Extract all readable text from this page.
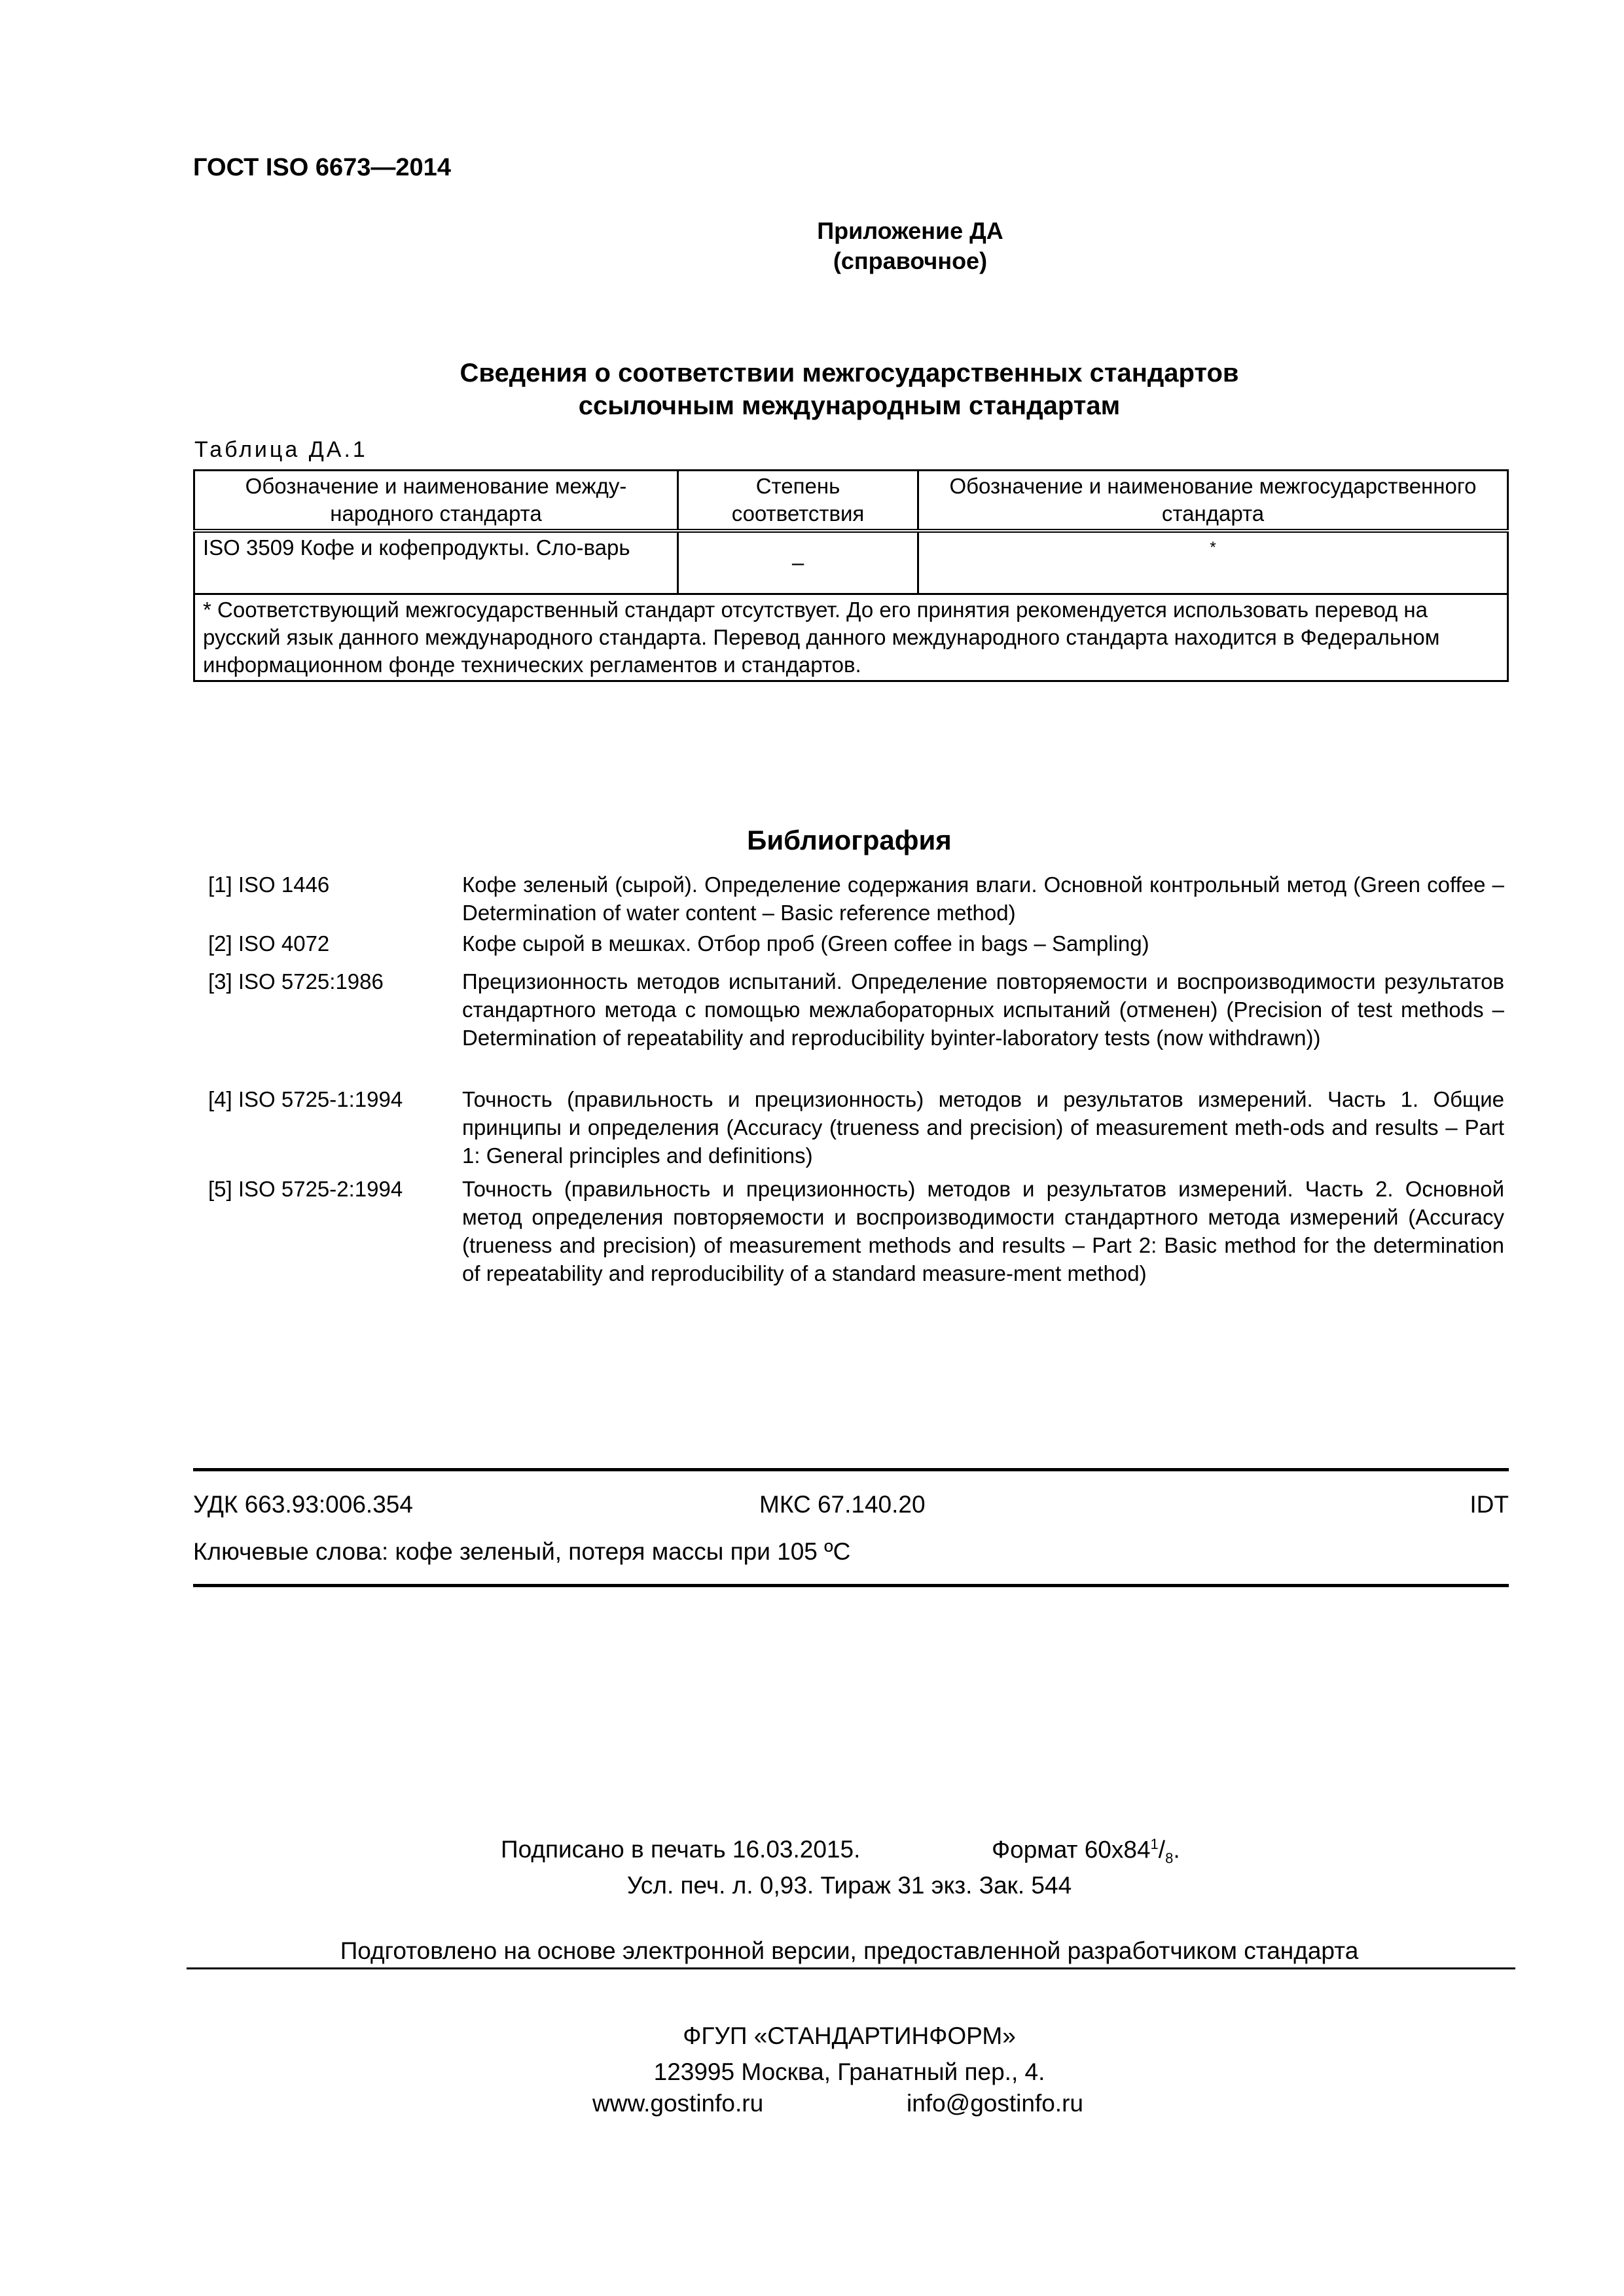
ГОСТ ISO 6673—2014
Приложение ДА
(справочное)
Сведения о соответствии межгосударственных стандартов
ссылочным международным стандартам
Таблица ДА.1
Обозначение и наименование между-народного стандарта	Степень соответствия	Обозначение и наименование межгосударственного стандарта
ISO 3509 Кофе и кофепродукты. Сло-варь	–	*
* Соответствующий межгосударственный стандарт отсутствует. До его принятия рекомендуется использовать перевод на русский язык данного международного стандарта. Перевод данного международного стандарта находится в Федеральном информационном фонде технических регламентов и стандартов.		
Библиография
[1] ISO 1446	Кофе зеленый (сырой). Определение содержания влаги. Основной контрольный метод (Green coffee – Determination of water content – Basic reference method)
[2] ISO 4072	Кофе сырой в мешках. Отбор проб (Green coffee in bags – Sampling)
[3] ISO 5725:1986	Прецизионность методов испытаний. Определение повторяемости и воспроизводимости результатов стандартного метода с помощью межлабораторных испытаний (отменен) (Precision of test methods – Determination of repeatability and reproducibility byinter-laboratory tests (now withdrawn))
[4] ISO 5725-1:1994	Точность (правильность и прецизионность) методов и результатов измерений. Часть 1. Общие принципы и определения (Accuracy (trueness and precision) of measurement meth-ods and results – Part 1: General principles and definitions)
[5] ISO 5725-2:1994	Точность (правильность и прецизионность) методов и результатов измерений. Часть 2. Основной метод определения повторяемости и воспроизводимости стандартного метода измерений (Accuracy (trueness and precision) of measurement methods and results – Part 2: Basic method for the determination of repeatability and reproducibility of a standard measure-ment method)
УДК 663.93:006.354	МКС 67.140.20	IDT
Ключевые слова: кофе зеленый, потеря массы при 105 ºС
Подписано в печать 16.03.2015.	Формат $60х84^1/_8$.
Усл. печ. л. 0,93. Тираж 31 экз. Зак. 544
Подготовлено на основе электронной версии, предоставленной разработчиком стандарта
ФГУП «СТАНДАРТИНФОРМ»
123995 Москва, Гранатный пер., 4.
www.gostinfo.ru	info@gostinfo.ru
